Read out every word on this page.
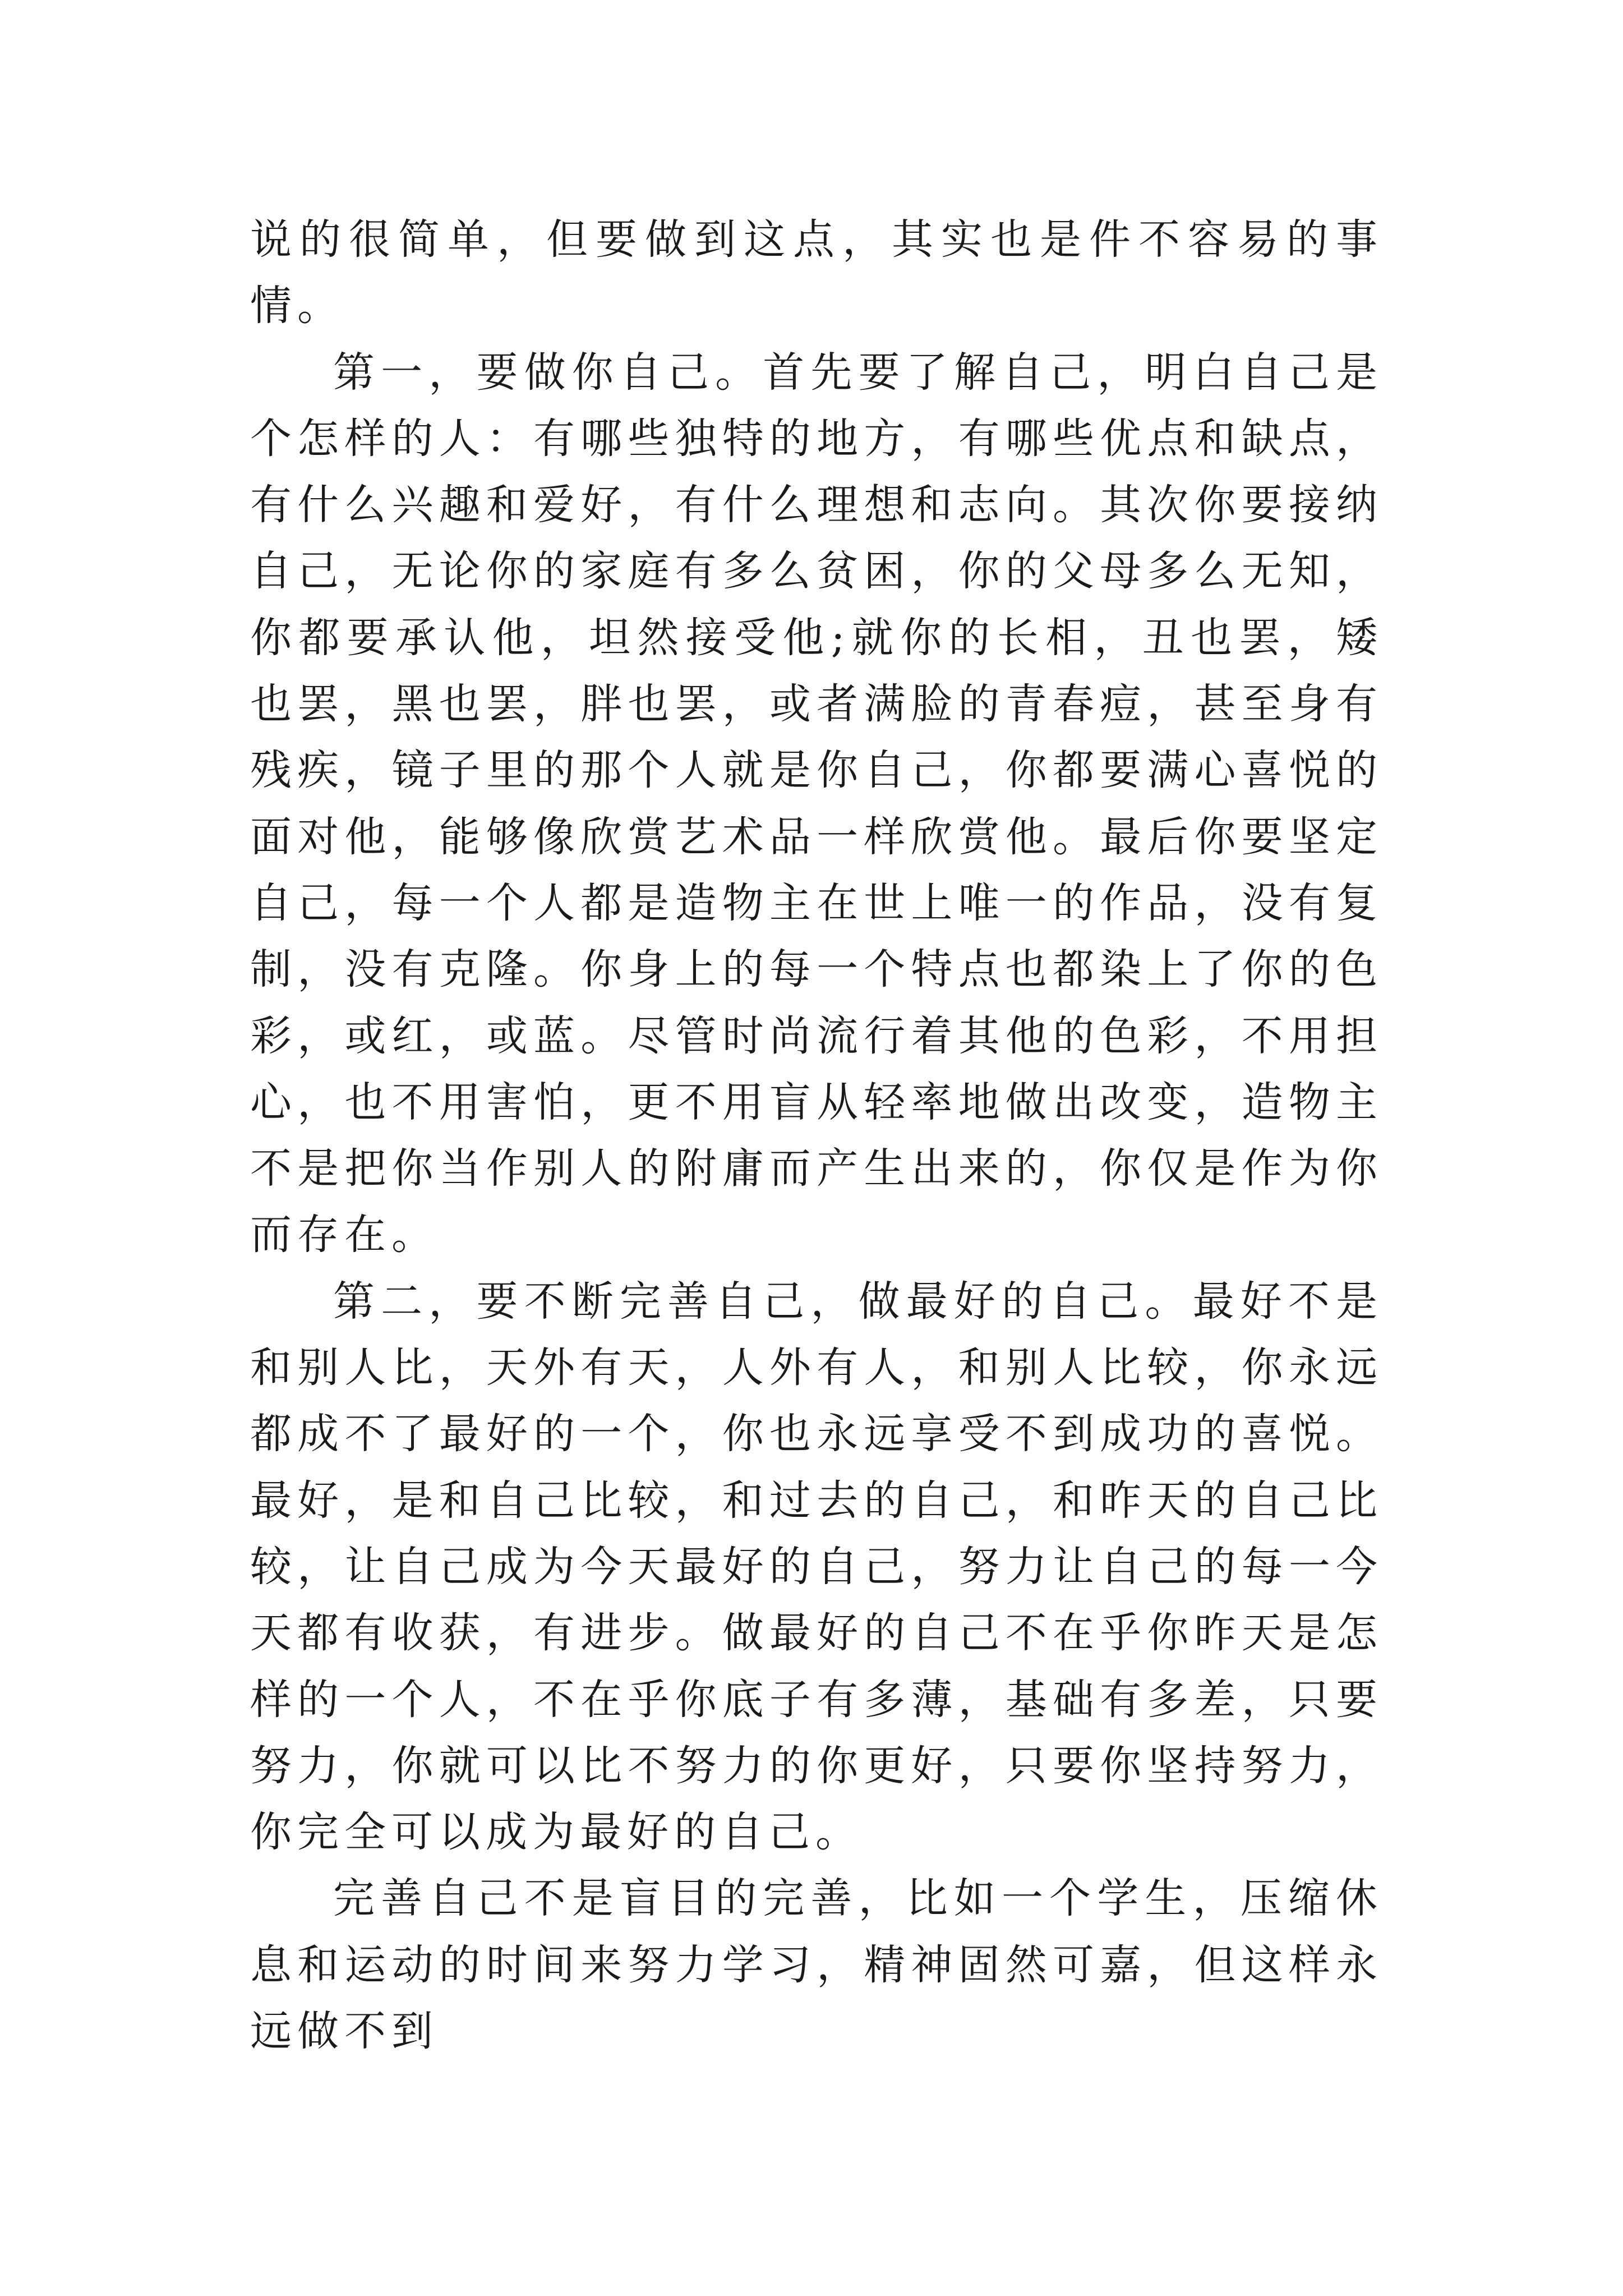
说的很简单，但要做到这点，其实也是件不容易的事情。

第一，要做你自己。首先要了解自己，明白自己是个怎样的人：有哪些独特的地方，有哪些优点和缺点，有什么兴趣和爱好，有什么理想和志向。其次你要接纳自己，无论你的家庭有多么贫困，你的父母多么无知，你都要承认他，坦然接受他;就你的长相，丑也罢，矮也罢，黑也罢，胖也罢，或者满脸的青春痘，甚至身有残疾，镜子里的那个人就是你自己，你都要满心喜悦的面对他，能够像欣赏艺术品一样欣赏他。最后你要坚定自己，每一个人都是造物主在世上唯一的作品，没有复制，没有克隆。你身上的每一个特点也都染上了你的色彩，或红，或蓝。尽管时尚流行着其他的色彩，不用担心，也不用害怕，更不用盲从轻率地做出改变，造物主不是把你当作别人的附庸而产生出来的，你仅是作为你而存在。

第二，要不断完善自己，做最好的自己。最好不是和别人比，天外有天，人外有人，和别人比较，你永远都成不了最好的一个，你也永远享受不到成功的喜悦。最好，是和自己比较，和过去的自己，和昨天的自己比较，让自己成为今天最好的自己，努力让自己的每一今天都有收获，有进步。做最好的自己不在乎你昨天是怎样的一个人，不在乎你底子有多薄，基础有多差，只要努力，你就可以比不努力的你更好，只要你坚持努力，你完全可以成为最好的自己。

完善自己不是盲目的完善，比如一个学生，压缩休息和运动的时间来努力学习，精神固然可嘉，但这样永远做不到
